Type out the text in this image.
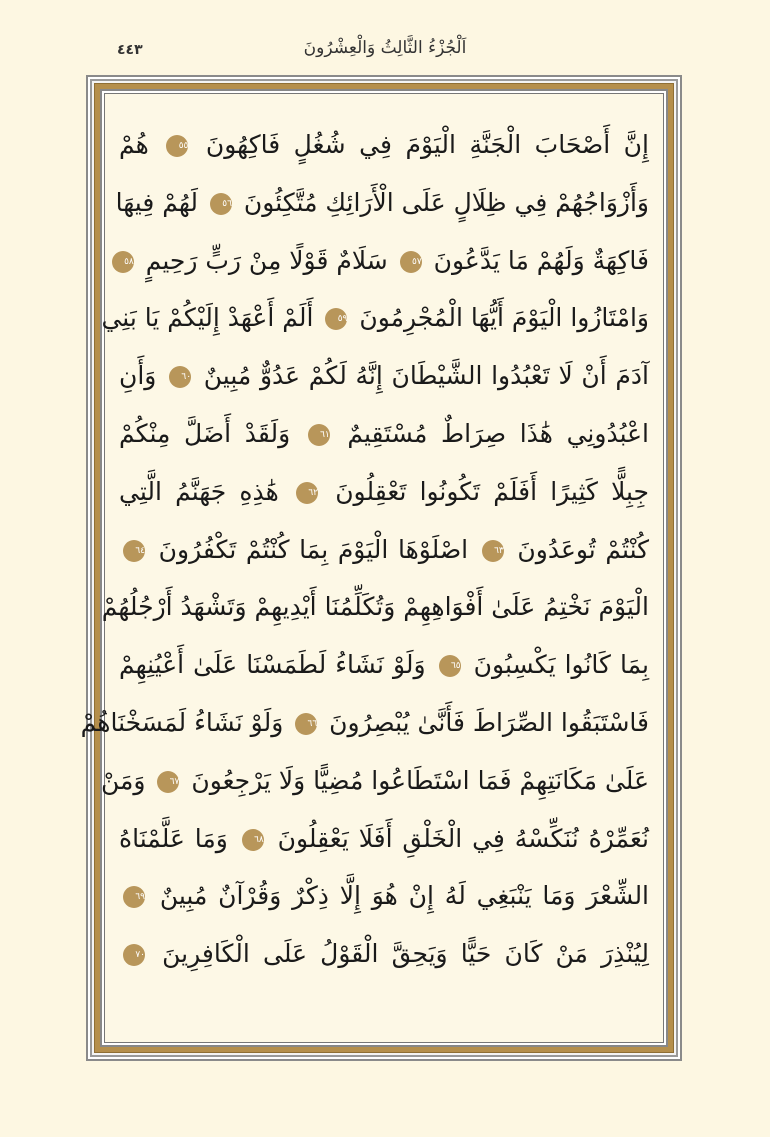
اَلْجُزْءُ الثَّالِثُ وَالْعِشْرُونَ
٤٤٣
إِنَّ أَصْحَابَ الْجَنَّةِ الْيَوْمَ فِي شُغُلٍ فَاكِهُونَ ٥٥ هُمْ
وَأَزْوَاجُهُمْ فِي ظِلَالٍ عَلَى الْأَرَائِكِ مُتَّكِئُونَ ٥٦ لَهُمْ فِيهَا
فَاكِهَةٌ وَلَهُمْ مَا يَدَّعُونَ ٥٧ سَلَامٌ قَوْلًا مِنْ رَبٍّ رَحِيمٍ ٥٨
وَامْتَازُوا الْيَوْمَ أَيُّهَا الْمُجْرِمُونَ ٥٩ أَلَمْ أَعْهَدْ إِلَيْكُمْ يَا بَنِي
آدَمَ أَنْ لَا تَعْبُدُوا الشَّيْطَانَ إِنَّهُ لَكُمْ عَدُوٌّ مُبِينٌ ٦٠ وَأَنِ
اعْبُدُونِي هَٰذَا صِرَاطٌ مُسْتَقِيمٌ ٦١ وَلَقَدْ أَضَلَّ مِنْكُمْ
جِبِلًّا كَثِيرًا أَفَلَمْ تَكُونُوا تَعْقِلُونَ ٦٢ هَٰذِهِ جَهَنَّمُ الَّتِي
كُنْتُمْ تُوعَدُونَ ٦٣ اصْلَوْهَا الْيَوْمَ بِمَا كُنْتُمْ تَكْفُرُونَ ٦٤
الْيَوْمَ نَخْتِمُ عَلَىٰ أَفْوَاهِهِمْ وَتُكَلِّمُنَا أَيْدِيهِمْ وَتَشْهَدُ أَرْجُلُهُمْ
بِمَا كَانُوا يَكْسِبُونَ ٦٥ وَلَوْ نَشَاءُ لَطَمَسْنَا عَلَىٰ أَعْيُنِهِمْ
فَاسْتَبَقُوا الصِّرَاطَ فَأَنَّىٰ يُبْصِرُونَ ٦٦ وَلَوْ نَشَاءُ لَمَسَخْنَاهُمْ
عَلَىٰ مَكَانَتِهِمْ فَمَا اسْتَطَاعُوا مُضِيًّا وَلَا يَرْجِعُونَ ٦٧ وَمَنْ
نُعَمِّرْهُ نُنَكِّسْهُ فِي الْخَلْقِ أَفَلَا يَعْقِلُونَ ٦٨ وَمَا عَلَّمْنَاهُ
الشِّعْرَ وَمَا يَنْبَغِي لَهُ إِنْ هُوَ إِلَّا ذِكْرٌ وَقُرْآنٌ مُبِينٌ ٦٩
لِيُنْذِرَ مَنْ كَانَ حَيًّا وَيَحِقَّ الْقَوْلُ عَلَى الْكَافِرِينَ ٧٠
